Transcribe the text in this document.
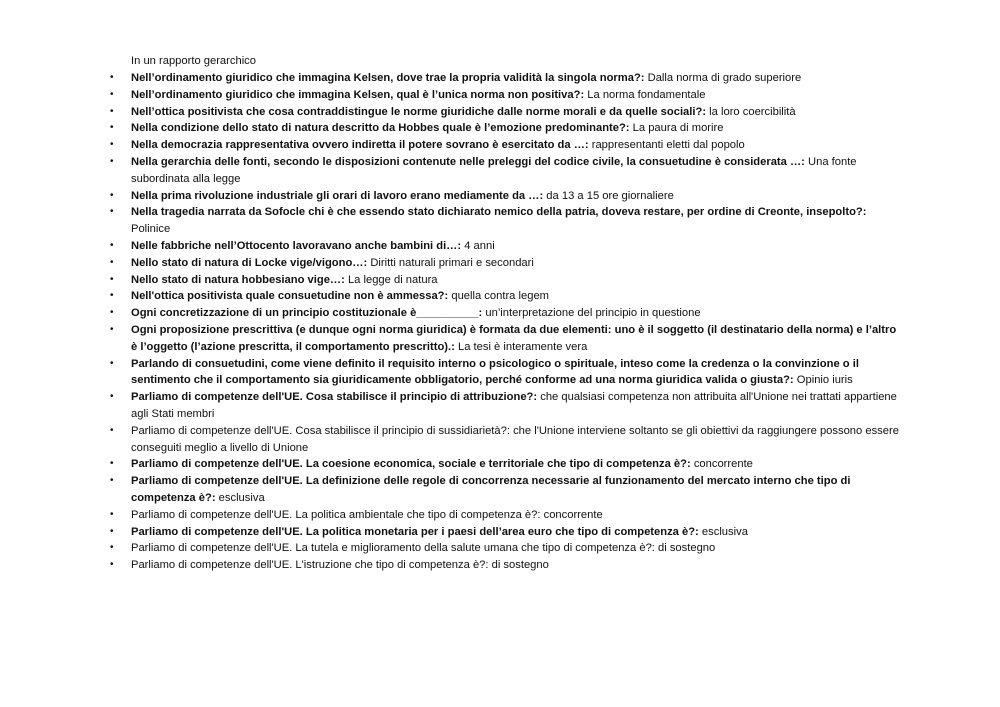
In un rapporto gerarchico
• Nell’ordinamento giuridico che immagina Kelsen, dove trae la propria validità la singola norma?: Dalla norma di grado superiore
• Nell’ordinamento giuridico che immagina Kelsen, qual è l’unica norma non positiva?: La norma fondamentale
• Nell’ottica positivista che cosa contraddistingue le norme giuridiche dalle norme morali e da quelle sociali?: la loro coercibilità
• Nella condizione dello stato di natura descritto da Hobbes quale è l’emozione predominante?: La paura di morire
• Nella democrazia rappresentativa ovvero indiretta il potere sovrano è esercitato da …: rappresentanti eletti dal popolo
• Nella gerarchia delle fonti, secondo le disposizioni contenute nelle preleggi del codice civile, la consuetudine è considerata …: Una fonte subordinata alla legge
• Nella prima rivoluzione industriale gli orari di lavoro erano mediamente da …: da 13 a 15 ore giornaliere
• Nella tragedia narrata da Sofocle chi è che essendo stato dichiarato nemico della patria, doveva restare, per ordine di Creonte, insepolto?: Polinice
• Nelle fabbriche nell’Ottocento lavoravano anche bambini di…: 4 anni
• Nello stato di natura di Locke vige/vigono…: Diritti naturali primari e secondari
• Nello stato di natura hobbesiano vige…: La legge di natura
• Nell'ottica positivista quale consuetudine non è ammessa?: quella contra legem
• Ogni concretizzazione di un principio costituzionale è__________: un’interpretazione del principio in questione
• Ogni proposizione prescrittiva (e dunque ogni norma giuridica) è formata da due elementi: uno è il soggetto (il destinatario della norma) e l’altro è l’oggetto (l’azione prescritta, il comportamento prescritto).: La tesi è interamente vera
• Parlando di consuetudini, come viene definito il requisito interno o psicologico o spirituale, inteso come la credenza o la convinzione o il sentimento che il comportamento sia giuridicamente obbligatorio, perché conforme ad una norma giuridica valida o giusta?: Opinio iuris
• Parliamo di competenze dell'UE. Cosa stabilisce il principio di attribuzione?: che qualsiasi competenza non attribuita all'Unione nei trattati appartiene agli Stati membri
• Parliamo di competenze dell'UE. Cosa stabilisce il principio di sussidiarietà?: che l'Unione interviene soltanto se gli obiettivi da raggiungere possono essere conseguiti meglio a livello di Unione
• Parliamo di competenze dell'UE. La coesione economica, sociale e territoriale che tipo di competenza è?: concorrente
• Parliamo di competenze dell'UE. La definizione delle regole di concorrenza necessarie al funzionamento del mercato interno che tipo di competenza è?: esclusiva
• Parliamo di competenze dell'UE. La politica ambientale che tipo di competenza è?: concorrente
• Parliamo di competenze dell'UE. La politica monetaria per i paesi dell’area euro che tipo di competenza è?: esclusiva
• Parliamo di competenze dell'UE. La tutela e miglioramento della salute umana che tipo di competenza è?: di sostegno
• Parliamo di competenze dell'UE. L'istruzione che tipo di competenza è?: di sostegno
